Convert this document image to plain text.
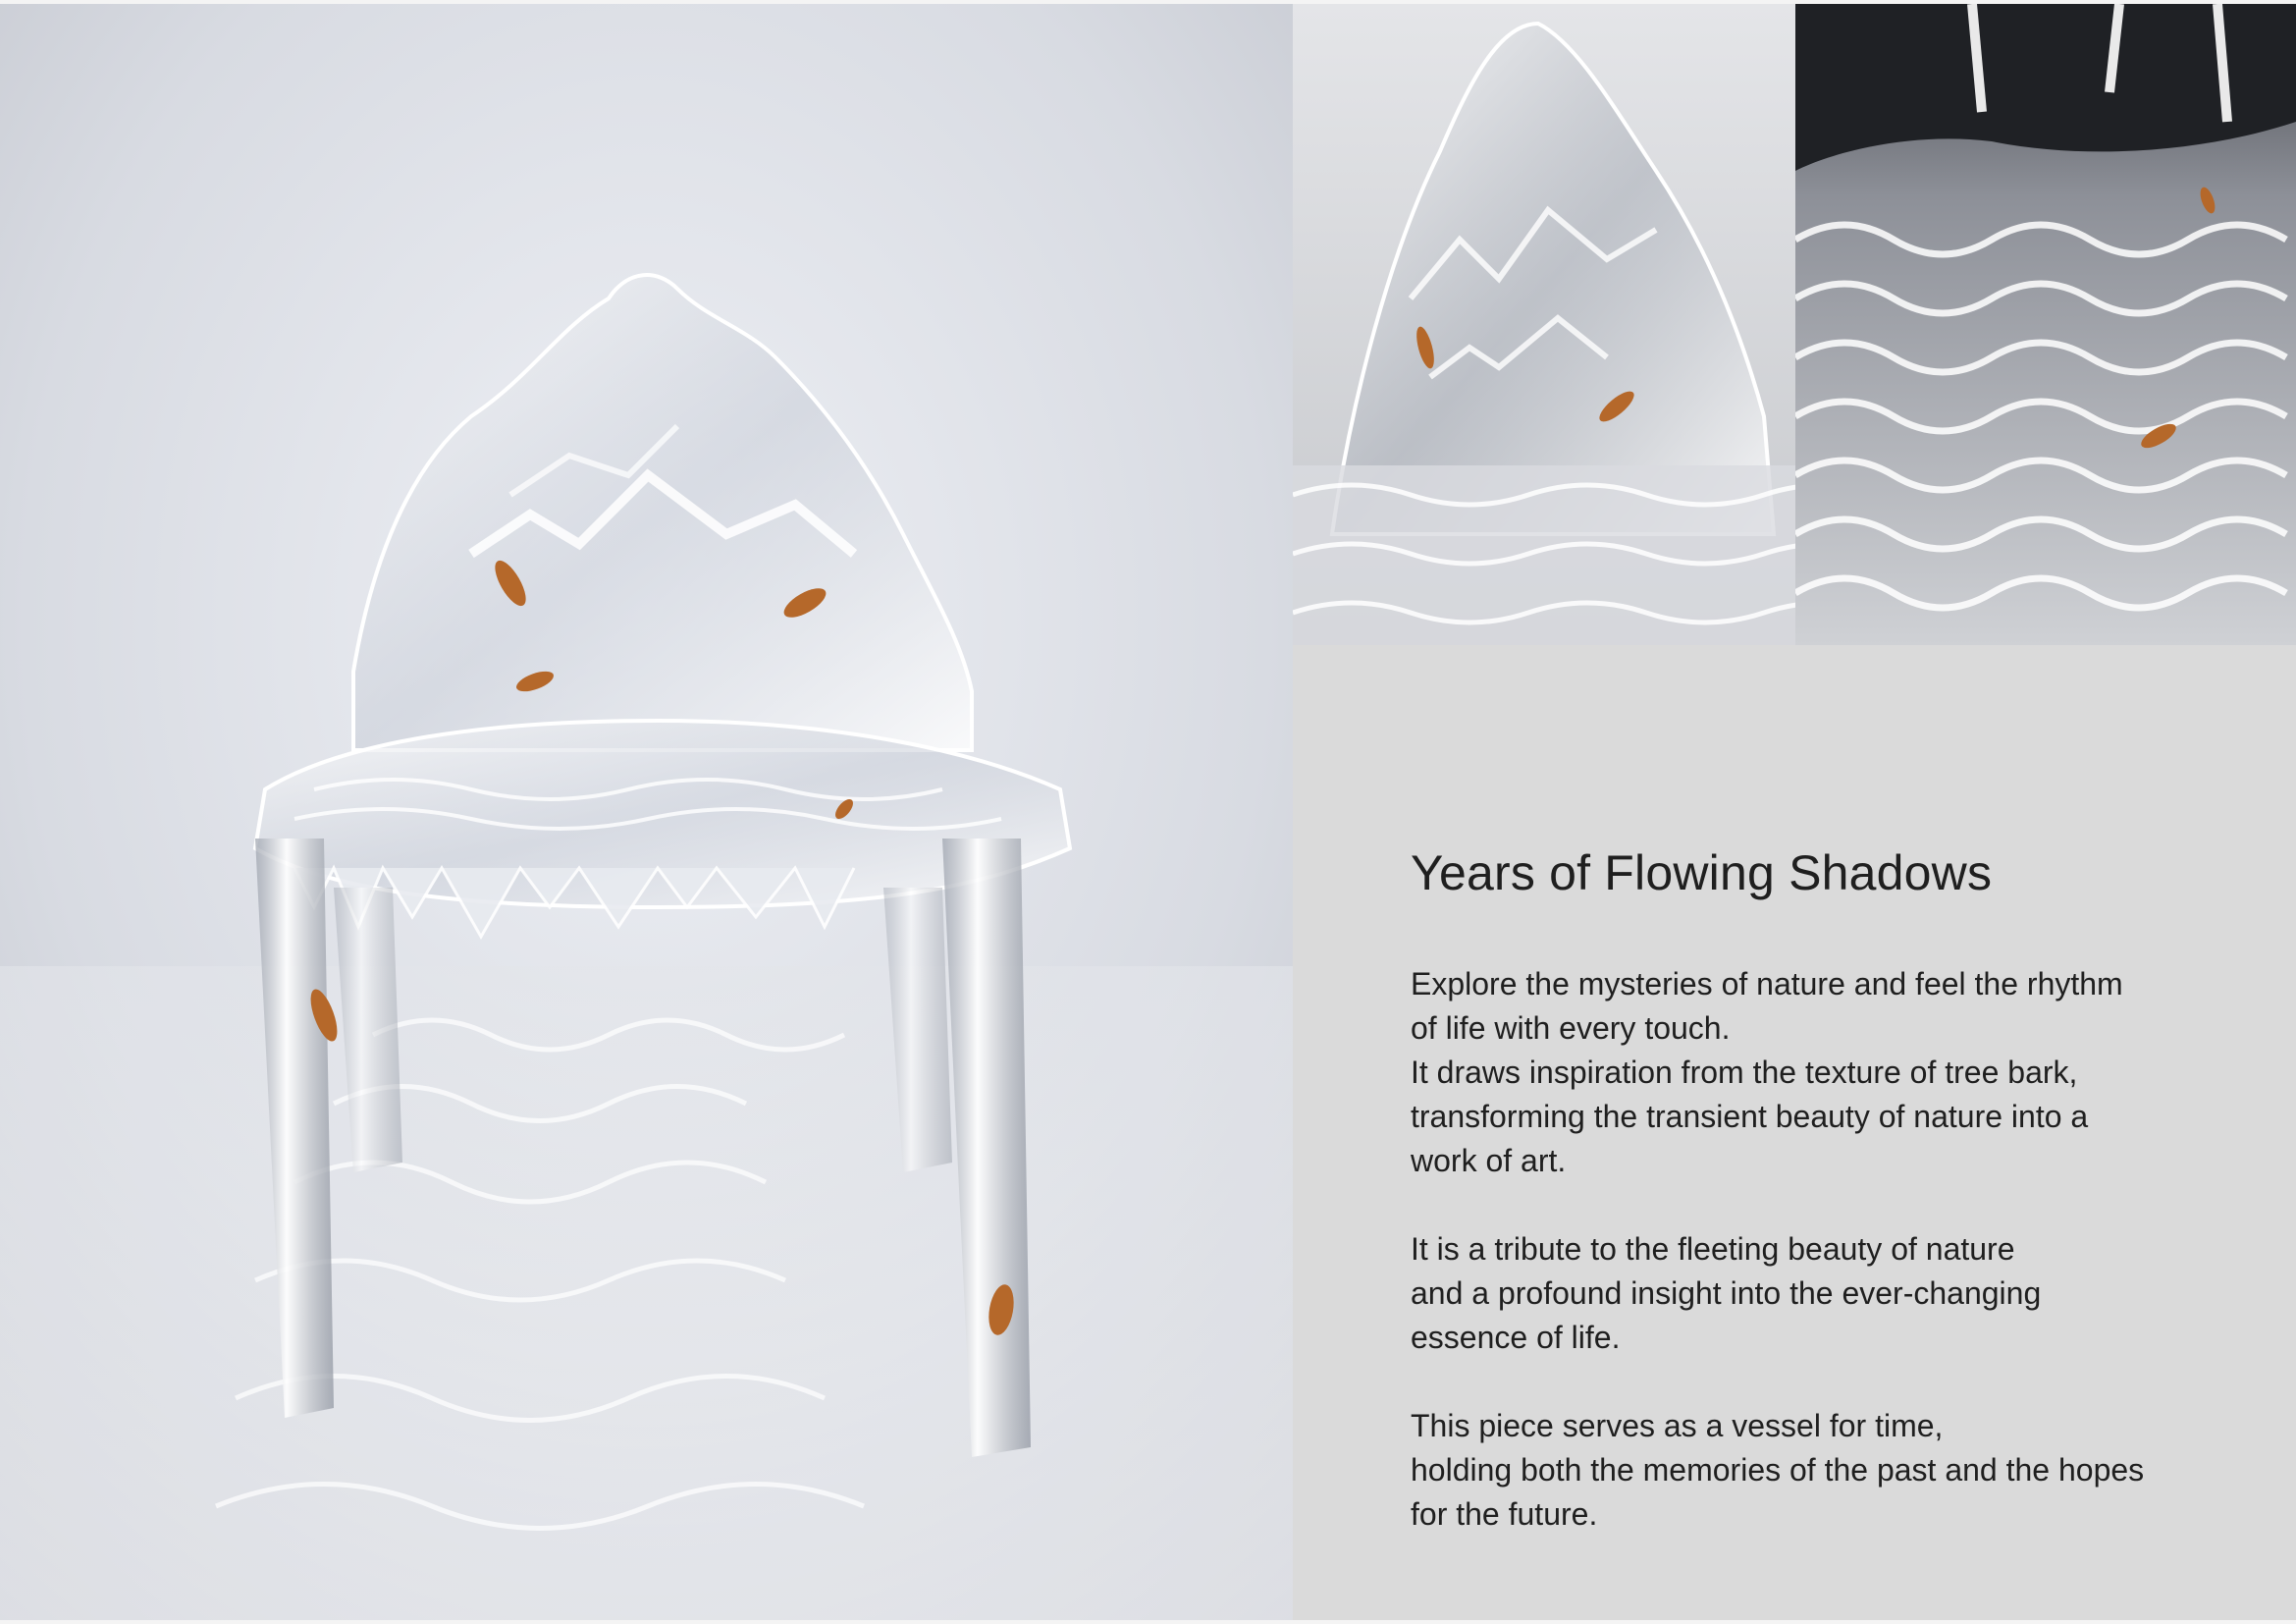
Years of Flowing Shadows

Explore the mysteries of nature and feel the rhythm
of life with every touch.
It draws inspiration from the texture of tree bark,
transforming the transient beauty of nature into a
work of art.

It is a tribute to the fleeting beauty of nature
and a profound insight into the ever-changing
essence of life.

This piece serves as a vessel for time,
holding both the memories of the past and the hopes
for the future.
